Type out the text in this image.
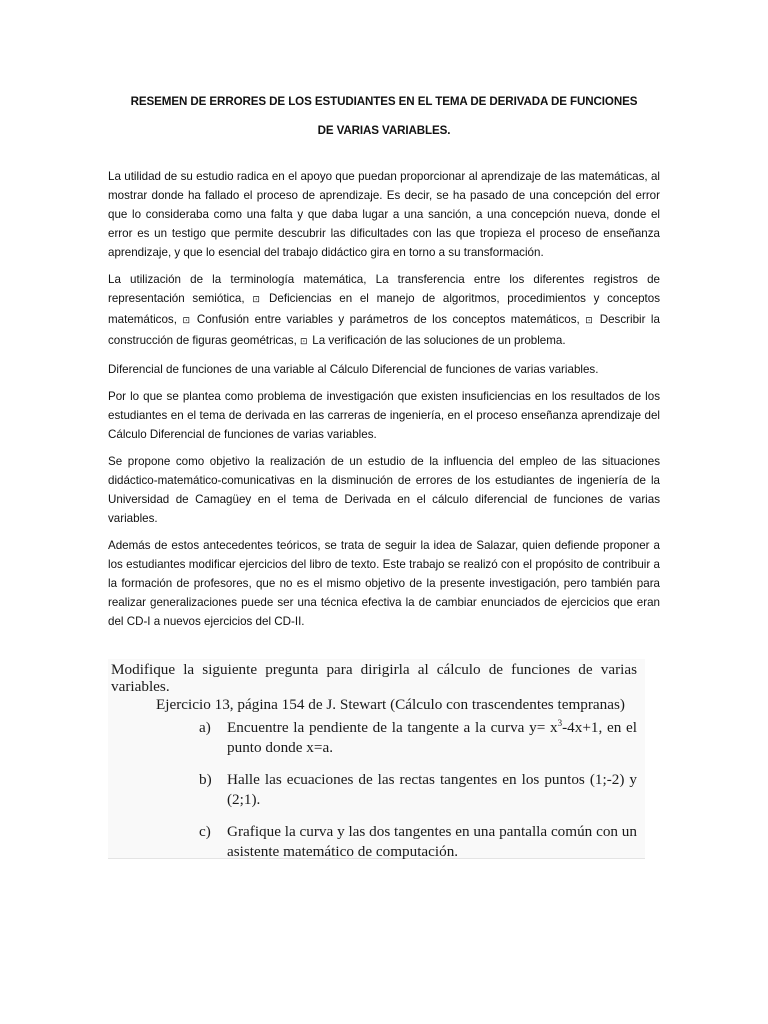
RESEMEN DE ERRORES DE LOS ESTUDIANTES EN EL TEMA DE DERIVADA DE FUNCIONES
DE VARIAS VARIABLES.

La utilidad de su estudio radica en el apoyo que puedan proporcionar al aprendizaje de las matemáticas, al mostrar donde ha fallado el proceso de aprendizaje. Es decir, se ha pasado de una concepción del error que lo consideraba como una falta y que daba lugar a una sanción, a una concepción nueva, donde el error es un testigo que permite descubrir las dificultades con las que tropieza el proceso de enseñanza aprendizaje, y que lo esencial del trabajo didáctico gira en torno a su transformación.

La utilización de la terminología matemática, La transferencia entre los diferentes registros de representación semiótica, ⊡ Deficiencias en el manejo de algoritmos, procedimientos y conceptos matemáticos, ⊡ Confusión entre variables y parámetros de los conceptos matemáticos, ⊡ Describir la construcción de figuras geométricas, ⊡ La verificación de las soluciones de un problema.

Diferencial de funciones de una variable al Cálculo Diferencial de funciones de varias variables.

Por lo que se plantea como problema de investigación que existen insuficiencias en los resultados de los estudiantes en el tema de derivada en las carreras de ingeniería, en el proceso enseñanza aprendizaje del Cálculo Diferencial de funciones de varias variables.

Se propone como objetivo la realización de un estudio de la influencia del empleo de las situaciones didáctico-matemático-comunicativas en la disminución de errores de los estudiantes de ingeniería de la Universidad de Camagüey en el tema de Derivada en el cálculo diferencial de funciones de varias variables.

Además de estos antecedentes teóricos, se trata de seguir la idea de Salazar, quien defiende proponer a los estudiantes modificar ejercicios del libro de texto. Este trabajo se realizó con el propósito de contribuir a la formación de profesores, que no es el mismo objetivo de la presente investigación, pero también para realizar generalizaciones puede ser una técnica efectiva la de cambiar enunciados de ejercicios que eran del CD-I a nuevos ejercicios del CD-II.

Modifique la siguiente pregunta para dirigirla al cálculo de funciones de varias variables.

Ejercicio 13, página 154 de J. Stewart (Cálculo con trascendentes tempranas)

a)	Encuentre la pendiente de la tangente a la curva $y= x^3-4x+1$, en el punto donde x=a.
b)	Halle las ecuaciones de las rectas tangentes en los puntos (1;-2) y (2;1).
c)	Grafique la curva y las dos tangentes en una pantalla común con un asistente matemático de computación.
